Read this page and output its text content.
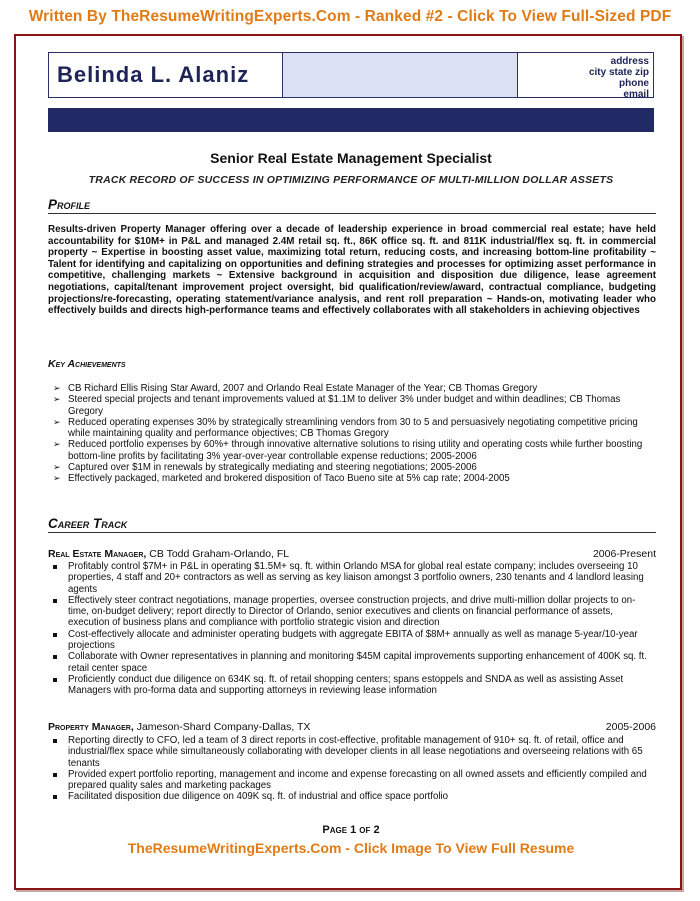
Written By TheResumeWritingExperts.Com - Ranked #2 - Click To View Full-Sized PDF
Belinda L. Alaniz
address
city state zip
phone
email
Senior Real Estate Management Specialist
TRACK RECORD OF SUCCESS IN OPTIMIZING PERFORMANCE OF MULTI-MILLION DOLLAR ASSETS
Profile
Results-driven Property Manager offering over a decade of leadership experience in broad commercial real estate; have held accountability for $10M+ in P&L and managed 2.4M retail sq. ft., 86K office sq. ft. and 811K industrial/flex sq. ft. in commercial property ~ Expertise in boosting asset value, maximizing total return, reducing costs, and increasing bottom-line profitability ~ Talent for identifying and capitalizing on opportunities and defining strategies and processes for optimizing asset performance in competitive, challenging markets ~ Extensive background in acquisition and disposition due diligence, lease agreement negotiations, capital/tenant improvement project oversight, bid qualification/review/award, contractual compliance, budgeting projections/re-forecasting, operating statement/variance analysis, and rent roll preparation ~ Hands-on, motivating leader who effectively builds and directs high-performance teams and effectively collaborates with all stakeholders in achieving objectives
Key Achievements
➢ CB Richard Ellis Rising Star Award, 2007 and Orlando Real Estate Manager of the Year; CB Thomas Gregory
➢ Steered special projects and tenant improvements valued at $1.1M to deliver 3% under budget and within deadlines; CB Thomas Gregory
➢ Reduced operating expenses 30% by strategically streamlining vendors from 30 to 5 and persuasively negotiating competitive pricing while maintaining quality and performance objectives; CB Thomas Gregory
➢ Reduced portfolio expenses by 60%+ through innovative alternative solutions to rising utility and operating costs while further boosting bottom-line profits by facilitating 3% year-over-year controllable expense reductions; 2005-2006
➢ Captured over $1M in renewals by strategically mediating and steering negotiations; 2005-2006
➢ Effectively packaged, marketed and brokered disposition of Taco Bueno site at 5% cap rate; 2004-2005
Career Track
Real Estate Manager, CB Todd Graham-Orlando, FL	2006-Present
Profitably control $7M+ in P&L in operating $1.5M+ sq. ft. within Orlando MSA for global real estate company; includes overseeing 10 properties, 4 staff and 20+ contractors as well as serving as key liaison amongst 3 portfolio owners, 230 tenants and 4 landlord leasing agents
Effectively steer contract negotiations, manage properties, oversee construction projects, and drive multi-million dollar projects to on-time, on-budget delivery; report directly to Director of Orlando, senior executives and clients on financial performance of assets, execution of business plans and compliance with portfolio strategic vision and direction
Cost-effectively allocate and administer operating budgets with aggregate EBITA of $8M+ annually as well as manage 5-year/10-year projections
Collaborate with Owner representatives in planning and monitoring $45M capital improvements supporting enhancement of 400K sq. ft. retail center space
Proficiently conduct due diligence on 634K sq. ft. of retail shopping centers; spans estoppels and SNDA as well as assisting Asset Managers with pro-forma data and supporting attorneys in reviewing lease information
Property Manager, Jameson-Shard Company-Dallas, TX	2005-2006
Reporting directly to CFO, led a team of 3 direct reports in cost-effective, profitable management of 910+ sq. ft. of retail, office and industrial/flex space while simultaneously collaborating with developer clients in all lease negotiations and overseeing relations with 65 tenants
Provided expert portfolio reporting, management and income and expense forecasting on all owned assets and efficiently compiled and prepared quality sales and marketing packages
Facilitated disposition due diligence on 409K sq. ft. of industrial and office space portfolio
Page 1 of 2
TheResumeWritingExperts.Com - Click Image To View Full Resume
